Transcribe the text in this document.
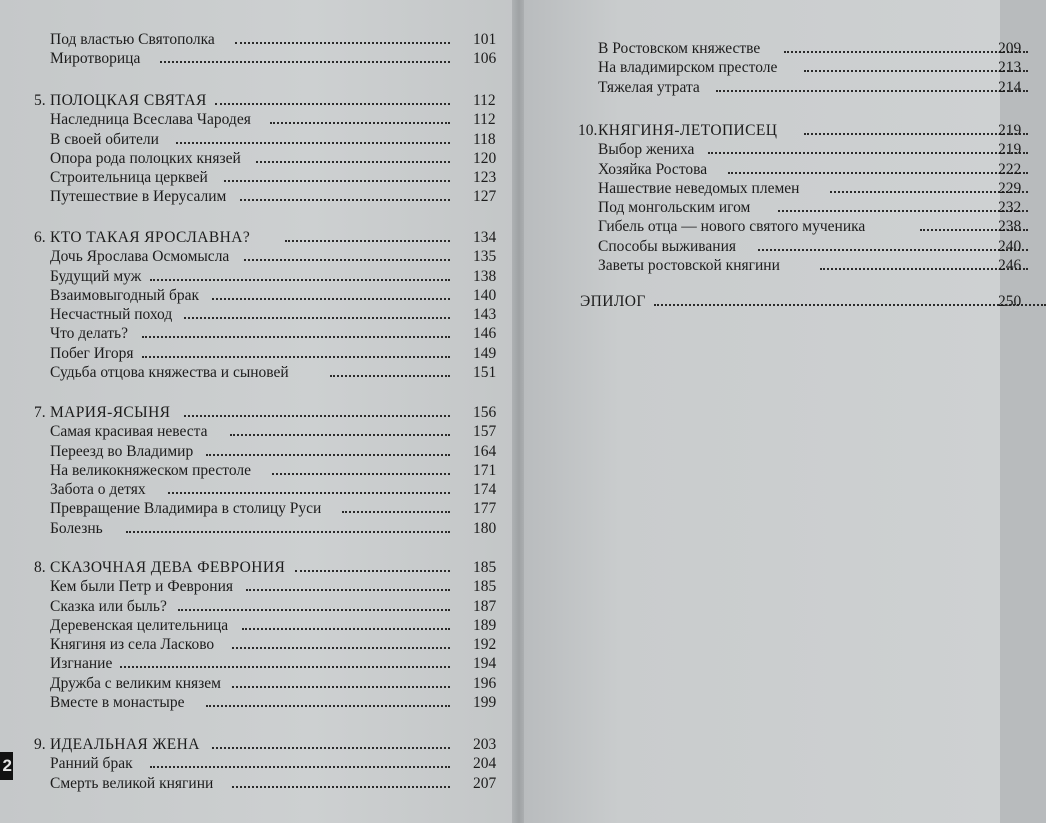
2
Под властью Святополка	101
Миротворица	106
5. ПОЛОЦКАЯ СВЯТАЯ	112
Наследница Всеслава Чародея	112
В своей обители	118
Опора рода полоцких князей	120
Строительница церквей	123
Путешествие в Иерусалим	127
6. КТО ТАКАЯ ЯРОСЛАВНА?	134
Дочь Ярослава Осмомысла	135
Будущий муж	138
Взаимовыгодный брак	140
Несчастный поход	143
Что делать?	146
Побег Игоря	149
Судьба отцова княжества и сыновей	151
7. МАРИЯ-ЯСЫНЯ	156
Самая красивая невеста	157
Переезд во Владимир	164
На великокняжеском престоле	171
Забота о детях	174
Превращение Владимира в столицу Руси	177
Болезнь	180
8. СКАЗОЧНАЯ ДЕВА ФЕВРОНИЯ	185
Кем были Петр и Феврония	185
Сказка или быль?	187
Деревенская целительница	189
Княгиня из села Ласково	192
Изгнание	194
Дружба с великим князем	196
Вместе в монастыре	199
9. ИДЕАЛЬНАЯ ЖЕНА	203
Ранний брак	204
Смерть великой княгини	207
В Ростовском княжестве	209
На владимирском престоле	213
Тяжелая утрата	214
10. КНЯГИНЯ-ЛЕТОПИСЕЦ	219
Выбор жениха	219
Хозяйка Ростова	222
Нашествие неведомых племен	229
Под монгольским игом	232
Гибель отца — нового святого мученика	238
Способы выживания	240
Заветы ростовской княгини	246
ЭПИЛОГ	250
